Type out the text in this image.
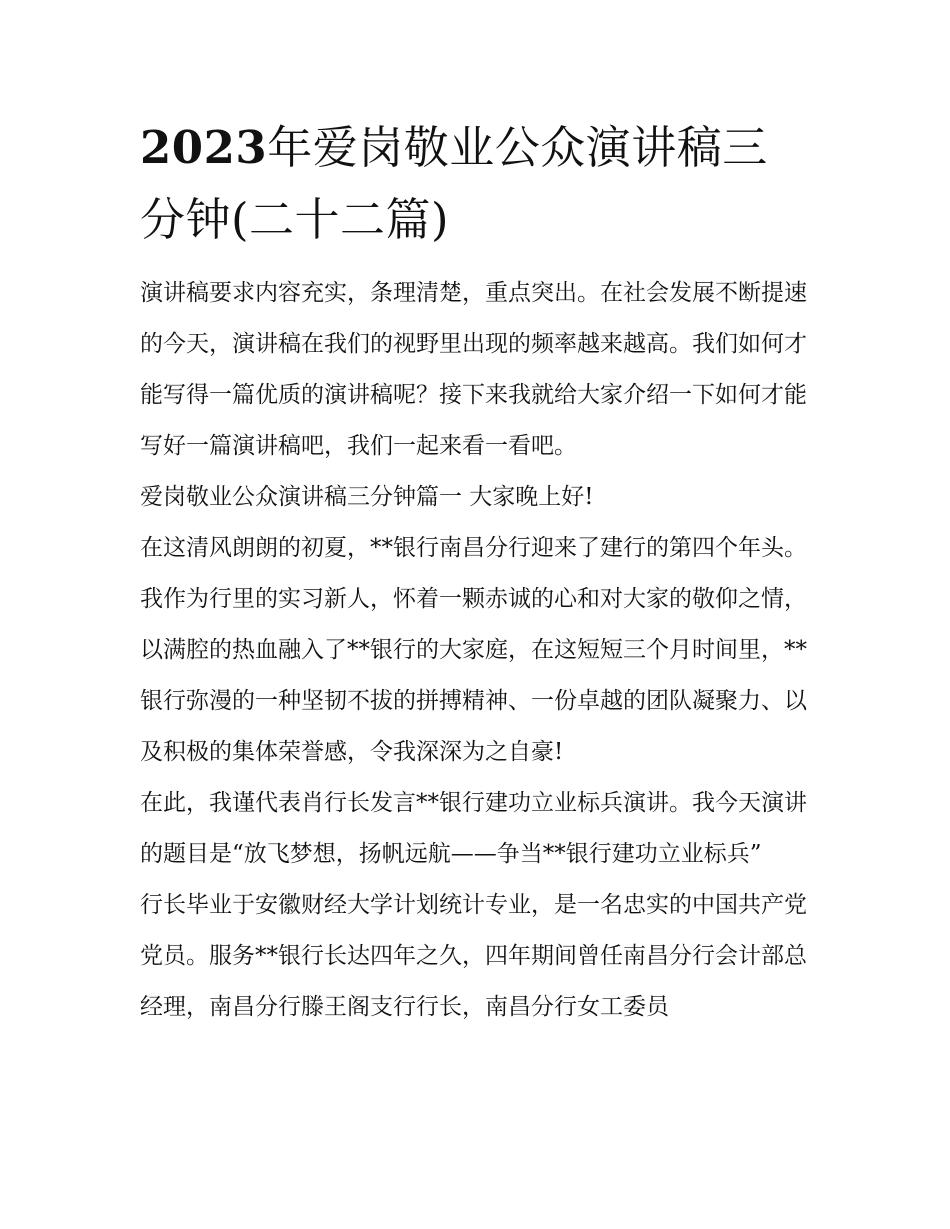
2023年爱岗敬业公众演讲稿三分钟(二十二篇)

演讲稿要求内容充实，条理清楚，重点突出。在社会发展不断提速的今天，演讲稿在我们的视野里出现的频率越来越高。我们如何才能写得一篇优质的演讲稿呢？接下来我就给大家介绍一下如何才能写好一篇演讲稿吧，我们一起来看一看吧。

爱岗敬业公众演讲稿三分钟篇一 大家晚上好!

在这清风朗朗的初夏，**银行南昌分行迎来了建行的第四个年头。我作为行里的实习新人，怀着一颗赤诚的心和对大家的敬仰之情，以满腔的热血融入了**银行的大家庭，在这短短三个月时间里，**银行弥漫的一种坚韧不拔的拼搏精神、一份卓越的团队凝聚力、以及积极的集体荣誉感，令我深深为之自豪!

在此，我谨代表肖行长发言**银行建功立业标兵演讲。我今天演讲的题目是“放飞梦想，扬帆远航——争当**银行建功立业标兵”

行长毕业于安徽财经大学计划统计专业，是一名忠实的中国共产党党员。服务**银行长达四年之久，四年期间曾任南昌分行会计部总经理，南昌分行滕王阁支行行长，南昌分行女工委员
